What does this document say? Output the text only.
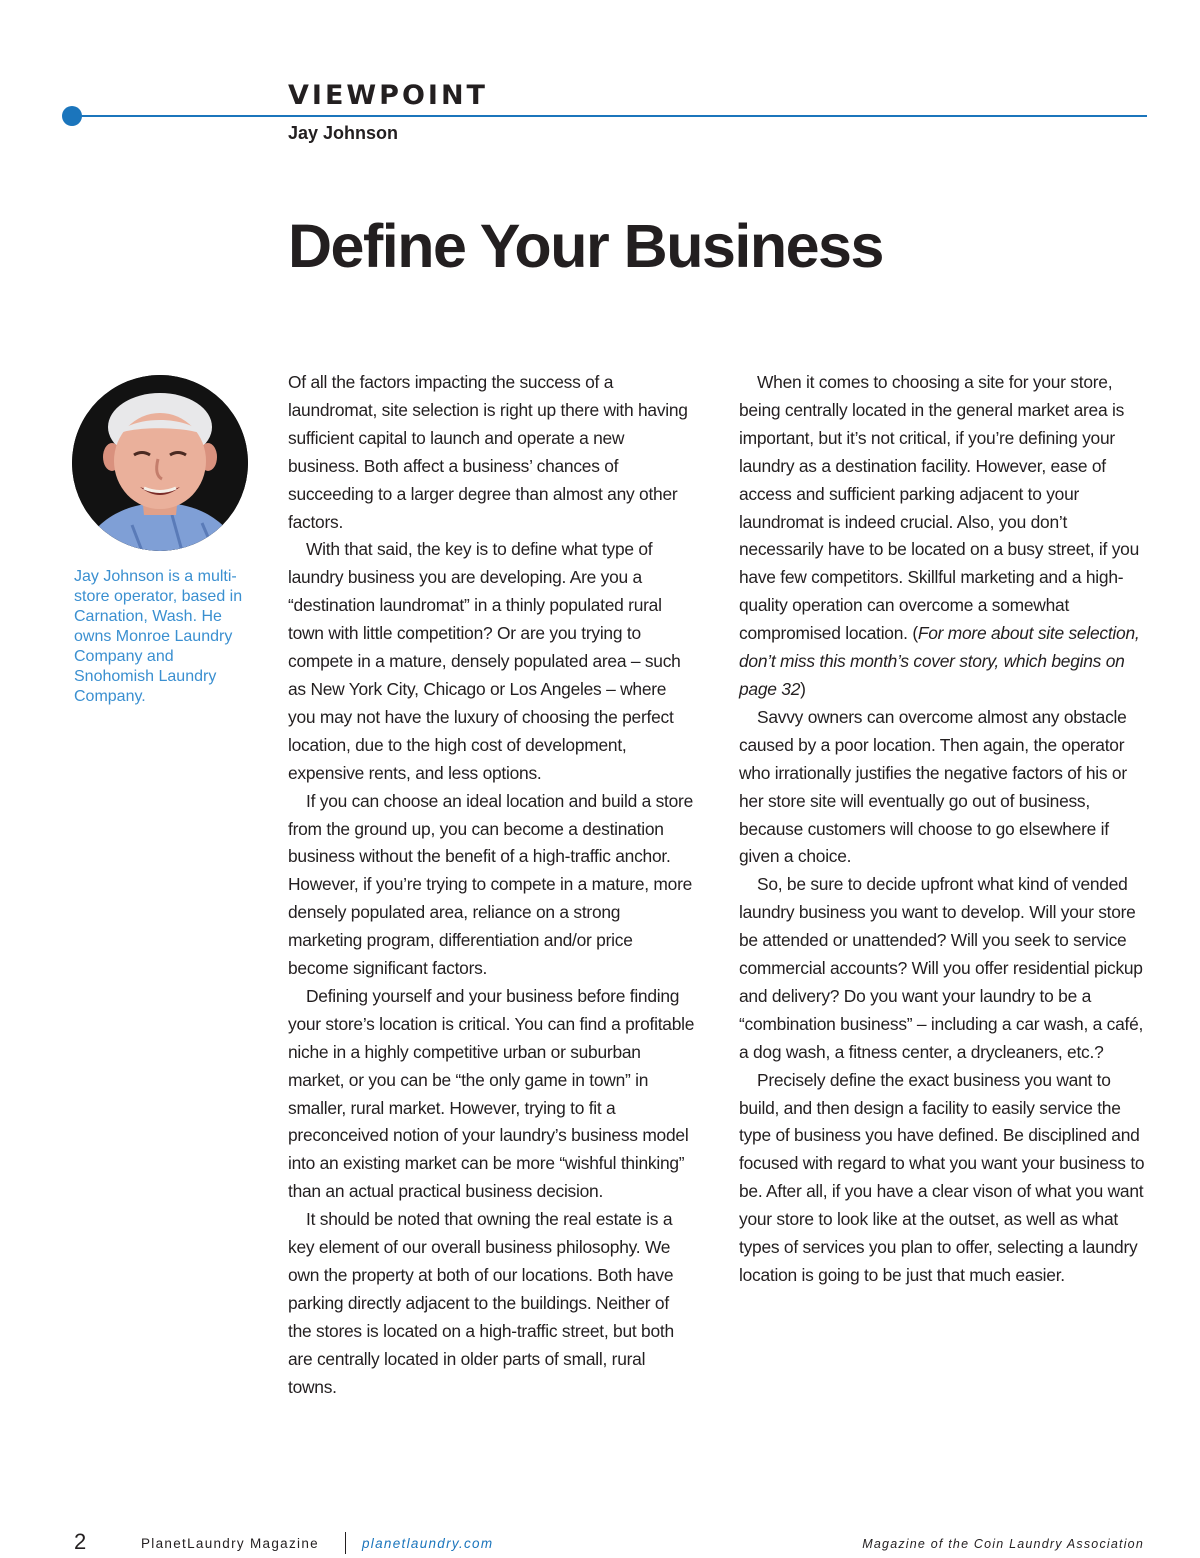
VIEWPOINT
Jay Johnson
Define Your Business
Jay Johnson is a multi-store operator, based in Carnation, Wash. He owns Monroe Laundry Company and Snohomish Laundry Company.

Of all the factors impacting the success of a laundromat, site selection is right up there with having sufficient capital to launch and operate a new business. Both affect a business’ chances of succeeding to a larger degree than almost any other factors.

With that said, the key is to define what type of laundry business you are developing. Are you a “destination laundromat” in a thinly populated rural town with little competition? Or are you trying to compete in a mature, densely populated area – such as New York City, Chicago or Los Angeles – where you may not have the luxury of choosing the perfect location, due to the high cost of development, expensive rents, and less options.

If you can choose an ideal location and build a store from the ground up, you can become a destination business without the benefit of a high-traffic anchor. However, if you’re trying to compete in a mature, more densely populated area, reliance on a strong marketing program, differentiation and/or price become significant factors.

Defining yourself and your business before finding your store’s location is critical. You can find a profitable niche in a highly competitive urban or suburban market, or you can be “the only game in town” in smaller, rural market. However, trying to fit a preconceived notion of your laundry’s business model into an existing market can be more “wishful thinking” than an actual practical business decision.

It should be noted that owning the real estate is a key element of our overall business philosophy. We own the property at both of our locations. Both have parking directly adjacent to the buildings. Neither of the stores is located on a high-traffic street, but both are centrally located in older parts of small, rural towns.

When it comes to choosing a site for your store, being centrally located in the general market area is important, but it’s not critical, if you’re defining your laundry as a destination facility. However, ease of access and sufficient parking adjacent to your laundromat is indeed crucial. Also, you don’t necessarily have to be located on a busy street, if you have few competitors. Skillful marketing and a high-quality operation can overcome a somewhat compromised location. (For more about site selection, don’t miss this month’s cover story, which begins on page 32)

Savvy owners can overcome almost any obstacle caused by a poor location. Then again, the operator who irrationally justifies the negative factors of his or her store site will eventually go out of business, because customers will choose to go elsewhere if given a choice.

So, be sure to decide upfront what kind of vended laundry business you want to develop. Will your store be attended or unattended? Will you seek to service commercial accounts? Will you offer residential pickup and delivery? Do you want your laundry to be a “combination business” – including a car wash, a café, a dog wash, a fitness center, a drycleaners, etc.?

Precisely define the exact business you want to build, and then design a facility to easily service the type of business you have defined. Be disciplined and focused with regard to what you want your business to be. After all, if you have a clear vison of what you want your store to look like at the outset, as well as what types of services you plan to offer, selecting a laundry location is going to be just that much easier.

2	PlanetLaundry Magazine	planetlaundry.com	Magazine of the Coin Laundry Association
